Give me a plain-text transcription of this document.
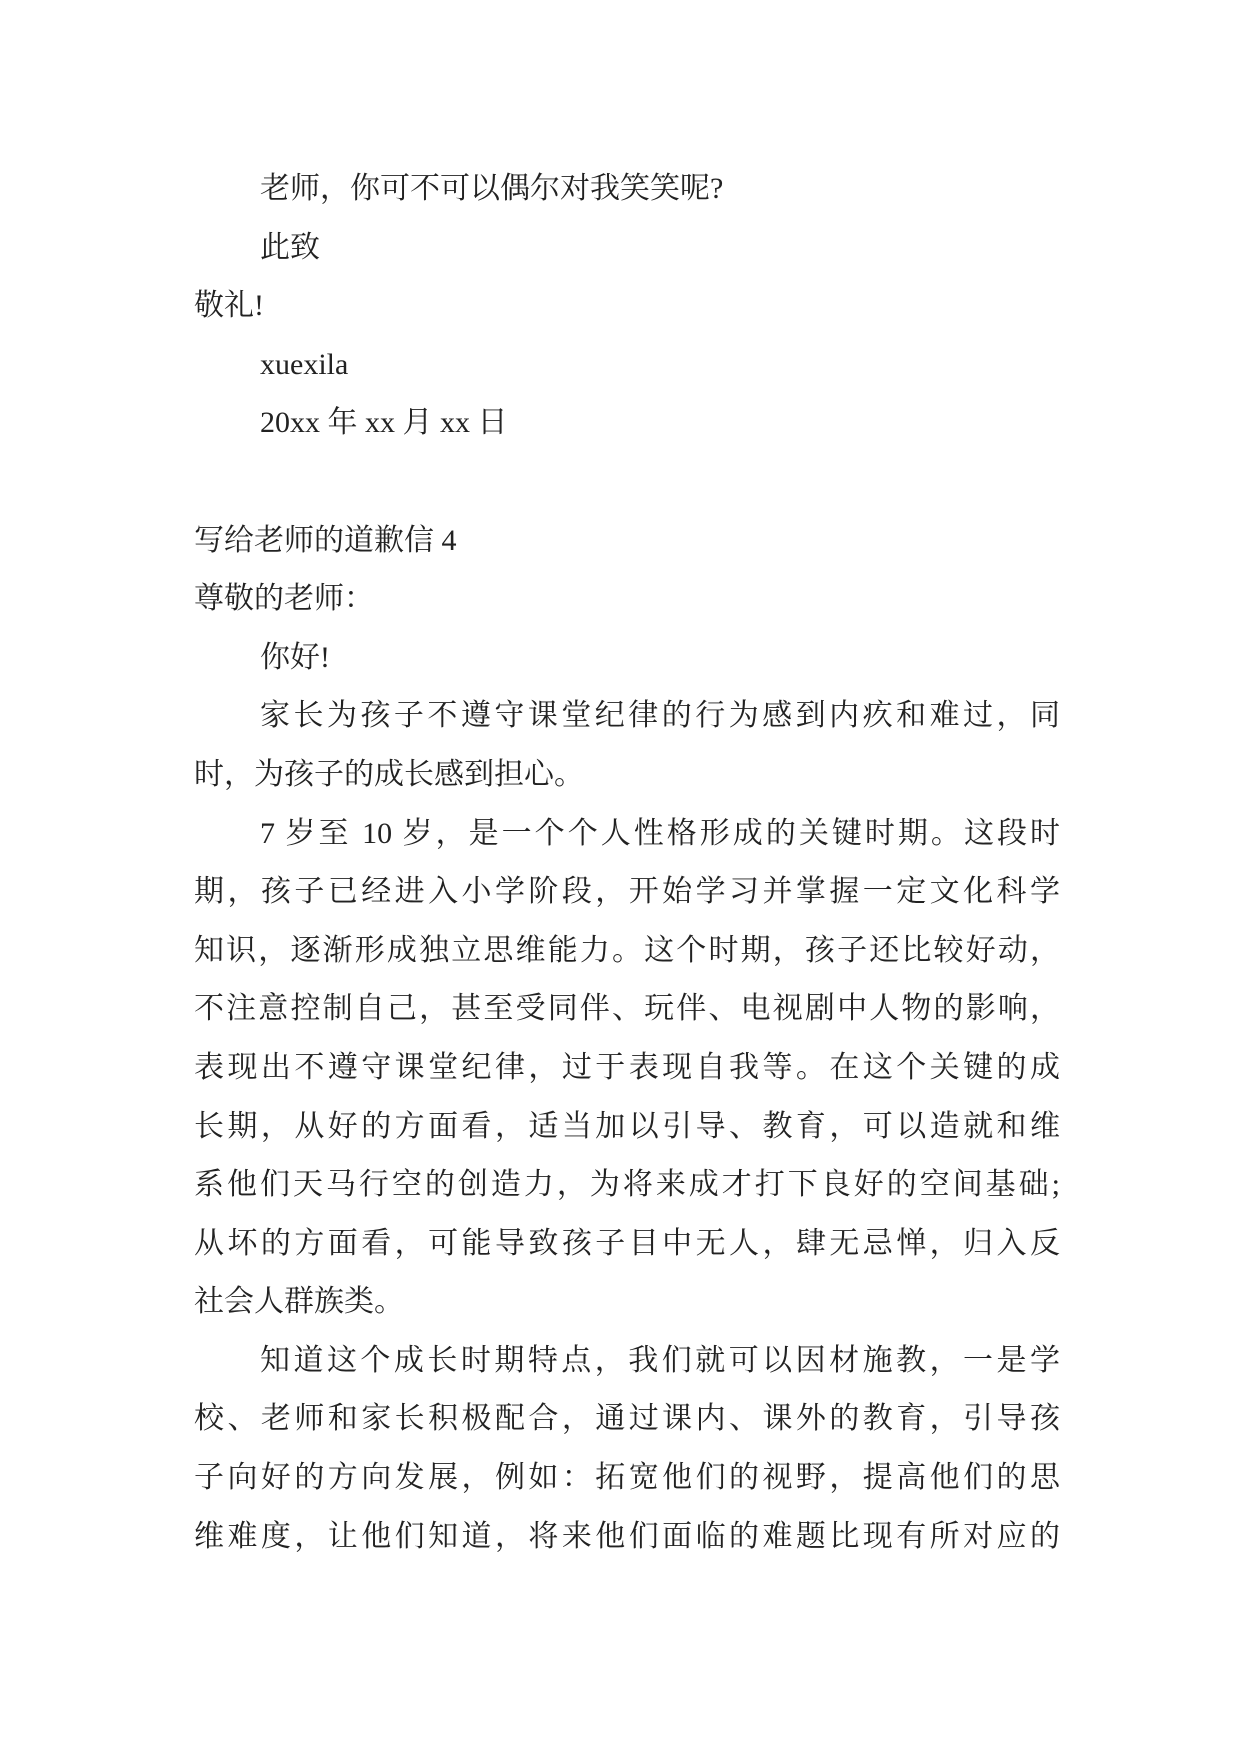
老师，你可不可以偶尔对我笑笑呢?
此致
敬礼!
xuexila
20xx 年 xx 月 xx 日
写给老师的道歉信 4
尊敬的老师：
你好!
家长为孩子不遵守课堂纪律的行为感到内疚和难过，同
时，为孩子的成长感到担心。
7 岁至 10 岁，是一个个人性格形成的关键时期。这段时
期，孩子已经进入小学阶段，开始学习并掌握一定文化科学
知识，逐渐形成独立思维能力。这个时期，孩子还比较好动，
不注意控制自己，甚至受同伴、玩伴、电视剧中人物的影响，
表现出不遵守课堂纪律，过于表现自我等。在这个关键的成
长期，从好的方面看，适当加以引导、教育，可以造就和维
系他们天马行空的创造力，为将来成才打下良好的空间基础;
从坏的方面看，可能导致孩子目中无人，肆无忌惮，归入反
社会人群族类。
知道这个成长时期特点，我们就可以因材施教，一是学
校、老师和家长积极配合，通过课内、课外的教育，引导孩
子向好的方向发展，例如：拓宽他们的视野，提高他们的思
维难度，让他们知道，将来他们面临的难题比现有所对应的
